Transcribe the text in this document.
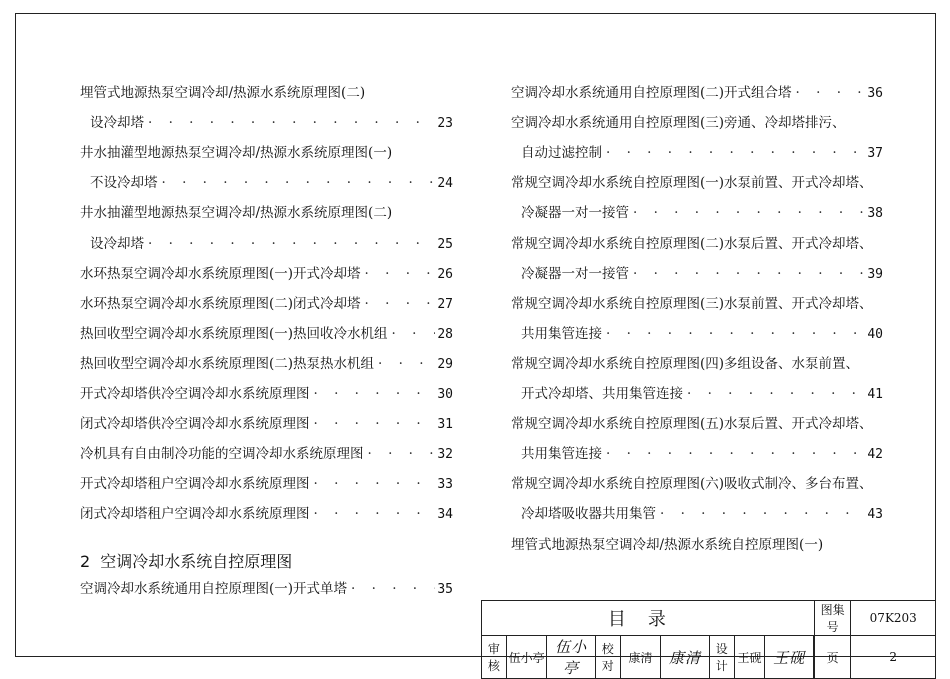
埋管式地源热泵空调冷却/热源水系统原理图(二)
设冷却塔 · · ·	23
井水抽灌型地源热泵空调冷却/热源水系统原理图(一)
不设冷却塔 · · ·	24
井水抽灌型地源热泵空调冷却/热源水系统原理图(二)
设冷却塔 · · ·	25
水环热泵空调冷却水系统原理图(一)开式冷却塔 · · ·	26
水环热泵空调冷却水系统原理图(二)闭式冷却塔 · · ·	27
热回收型空调冷却水系统原理图(一)热回收冷水机组 · · ·	28
热回收型空调冷却水系统原理图(二)热泵热水机组 · · ·	29
开式冷却塔供冷空调冷却水系统原理图 · · ·	30
闭式冷却塔供冷空调冷却水系统原理图 · · ·	31
冷机具有自由制冷功能的空调冷却水系统原理图 · · ·	32
开式冷却塔租户空调冷却水系统原理图 · · ·	33
闭式冷却塔租户空调冷却水系统原理图 · · ·	34
空调冷却水系统通用自控原理图(一)开式单塔 · · ·	35
空调冷却水系统通用自控原理图(二)开式组合塔 · · ·	36
空调冷却水系统通用自控原理图(三)旁通、冷却塔排污、
自动过滤控制 · · ·	37
常规空调冷却水系统自控原理图(一)水泵前置、开式冷却塔、
冷凝器一对一接管 · · ·	38
常规空调冷却水系统自控原理图(二)水泵后置、开式冷却塔、
冷凝器一对一接管 · · ·	39
常规空调冷却水系统自控原理图(三)水泵前置、开式冷却塔、
共用集管连接 · · ·	40
常规空调冷却水系统自控原理图(四)多组设备、水泵前置、
开式冷却塔、共用集管连接 · · ·	41
常规空调冷却水系统自控原理图(五)水泵后置、开式冷却塔、
共用集管连接 · · ·	42
常规空调冷却水系统自控原理图(六)吸收式制冷、多台布置、
冷却塔吸收器共用集管 · · ·	43
埋管式地源热泵空调冷却/热源水系统自控原理图(一)
2 空调冷却水系统自控原理图
目录									图集号	07K203
审核	伍小亭	伍小亭	校对	康清	康清	设计	王砚	王砚		页	2
